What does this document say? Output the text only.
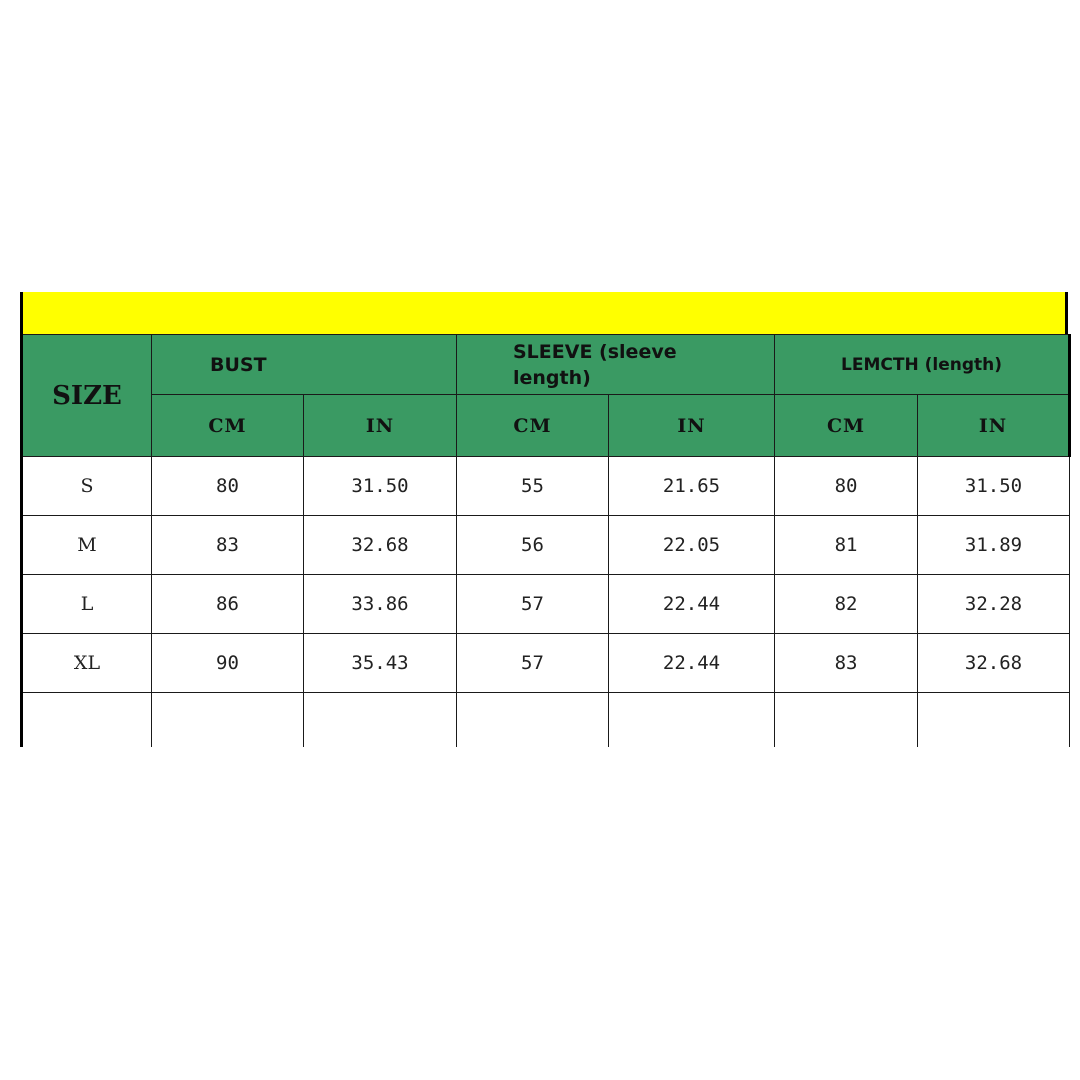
SIZE	BUST		SLEEVE (sleeve
length)		LEMCTH (length)	
	CM	IN	CM	IN	CM	IN
S	80	31.50	55	21.65	80	31.50
M	83	32.68	56	22.05	81	31.89
L	86	33.86	57	22.44	82	32.28
XL	90	35.43	57	22.44	83	32.68
